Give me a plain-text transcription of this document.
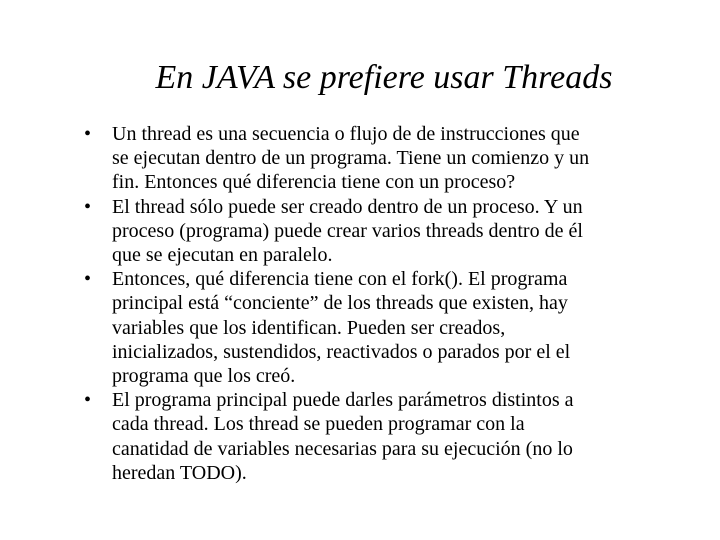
En JAVA se prefiere usar Threads
• Un thread es una secuencia o flujo de de instrucciones que
se ejecutan dentro de un programa. Tiene un comienzo y un
fin. Entonces qué diferencia tiene con un proceso?
• El thread sólo puede ser creado dentro de un proceso. Y un
proceso (programa) puede crear varios threads dentro de él
que se ejecutan en paralelo.
• Entonces, qué diferencia tiene con el fork(). El programa
principal está “conciente” de los threads que existen, hay
variables que los identifican. Pueden ser creados,
inicializados, sustendidos, reactivados o parados por el el
programa que los creó.
• El programa principal puede darles parámetros distintos a
cada thread. Los thread se pueden programar con la
canatidad de variables necesarias para su ejecución (no lo
heredan TODO).
